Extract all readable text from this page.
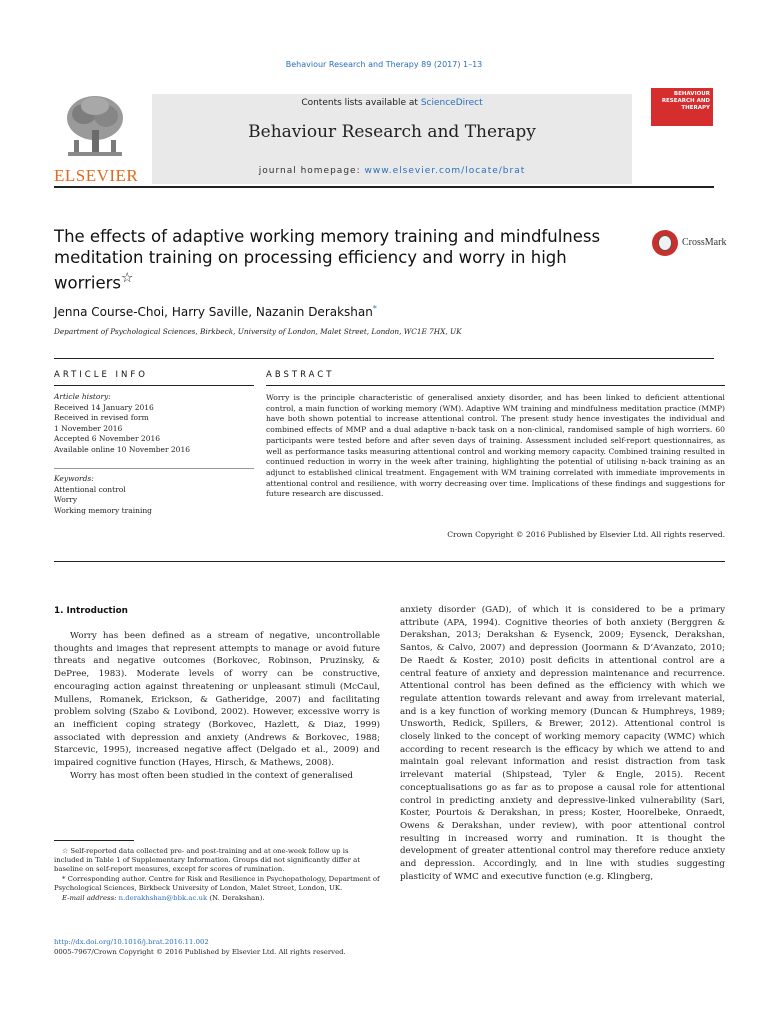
Behaviour Research and Therapy 89 (2017) 1–13
ELSEVIER
Contents lists available at ScienceDirect
Behaviour Research and Therapy
journal homepage: www.elsevier.com/locate/brat
BEHAVIOUR RESEARCH AND THERAPY
The effects of adaptive working memory training and mindfulness meditation training on processing efficiency and worry in high worriers☆
CrossMark
Jenna Course-Choi, Harry Saville, Nazanin Derakshan*
Department of Psychological Sciences, Birkbeck, University of London, Malet Street, London, WC1E 7HX, UK
ARTICLE INFO	ABSTRACT
Article history:
Received 14 January 2016
Received in revised form
1 November 2016
Accepted 6 November 2016
Available online 10 November 2016
Keywords:
Attentional control
Worry
Working memory training
Worry is the principle characteristic of generalised anxiety disorder, and has been linked to deficient attentional control, a main function of working memory (WM). Adaptive WM training and mindfulness meditation practice (MMP) have both shown potential to increase attentional control. The present study hence investigates the individual and combined effects of MMP and a dual adaptive n-back task on a non-clinical, randomised sample of high worriers. 60 participants were tested before and after seven days of training. Assessment included self-report questionnaires, as well as performance tasks measuring attentional control and working memory capacity. Combined training resulted in continued reduction in worry in the week after training, highlighting the potential of utilising n-back training as an adjunct to established clinical treatment. Engagement with WM training correlated with immediate improvements in attentional control and resilience, with worry decreasing over time. Implications of these findings and suggestions for future research are discussed.
Crown Copyright © 2016 Published by Elsevier Ltd. All rights reserved.
1. Introduction

Worry has been defined as a stream of negative, uncontrollable thoughts and images that represent attempts to manage or avoid future threats and negative outcomes (Borkovec, Robinson, Pruzinsky, & DePree, 1983). Moderate levels of worry can be constructive, encouraging action against threatening or unpleasant stimuli (McCaul, Mullens, Romanek, Erickson, & Gatheridge, 2007) and facilitating problem solving (Szabo & Lovibond, 2002). However, excessive worry is an inefficient coping strategy (Borkovec, Hazlett, & Diaz, 1999) associated with depression and anxiety (Andrews & Borkovec, 1988; Starcevic, 1995), increased negative affect (Delgado et al., 2009) and impaired cognitive function (Hayes, Hirsch, & Mathews, 2008).

Worry has most often been studied in the context of generalised

anxiety disorder (GAD), of which it is considered to be a primary attribute (APA, 1994). Cognitive theories of both anxiety (Berggren & Derakshan, 2013; Derakshan & Eysenck, 2009; Eysenck, Derakshan, Santos, & Calvo, 2007) and depression (Joormann & D’Avanzato, 2010; De Raedt & Koster, 2010) posit deficits in attentional control are a central feature of anxiety and depression maintenance and recurrence. Attentional control has been defined as the efficiency with which we regulate attention towards relevant and away from irrelevant material, and is a key function of working memory (Duncan & Humphreys, 1989; Unsworth, Redick, Spillers, & Brewer, 2012). Attentional control is closely linked to the concept of working memory capacity (WMC) which according to recent research is the efficacy by which we attend to and maintain goal relevant information and resist distraction from task irrelevant material (Shipstead, Tyler & Engle, 2015). Recent conceptualisations go as far as to propose a causal role for attentional control in predicting anxiety and depressive-linked vulnerability (Sari, Koster, Pourtois & Derakshan, in press; Koster, Hoorelbeke, Onraedt, Owens & Derakshan, under review), with poor attentional control resulting in increased worry and rumination. It is thought the development of greater attentional control may therefore reduce anxiety and depression. Accordingly, and in line with studies suggesting plasticity of WMC and executive function (e.g. Klingberg,

☆ Self-reported data collected pre- and post-training and at one-week follow up is included in Table 1 of Supplementary Information. Groups did not significantly differ at baseline on self-report measures, except for scores of rumination.

* Corresponding author. Centre for Risk and Resilience in Psychopathology, Department of Psychological Sciences, Birkbeck University of London, Malet Street, London, UK.

E-mail address: n.derakhshan@bbk.ac.uk (N. Derakshan).

http://dx.doi.org/10.1016/j.brat.2016.11.002
0005-7967/Crown Copyright © 2016 Published by Elsevier Ltd. All rights reserved.
